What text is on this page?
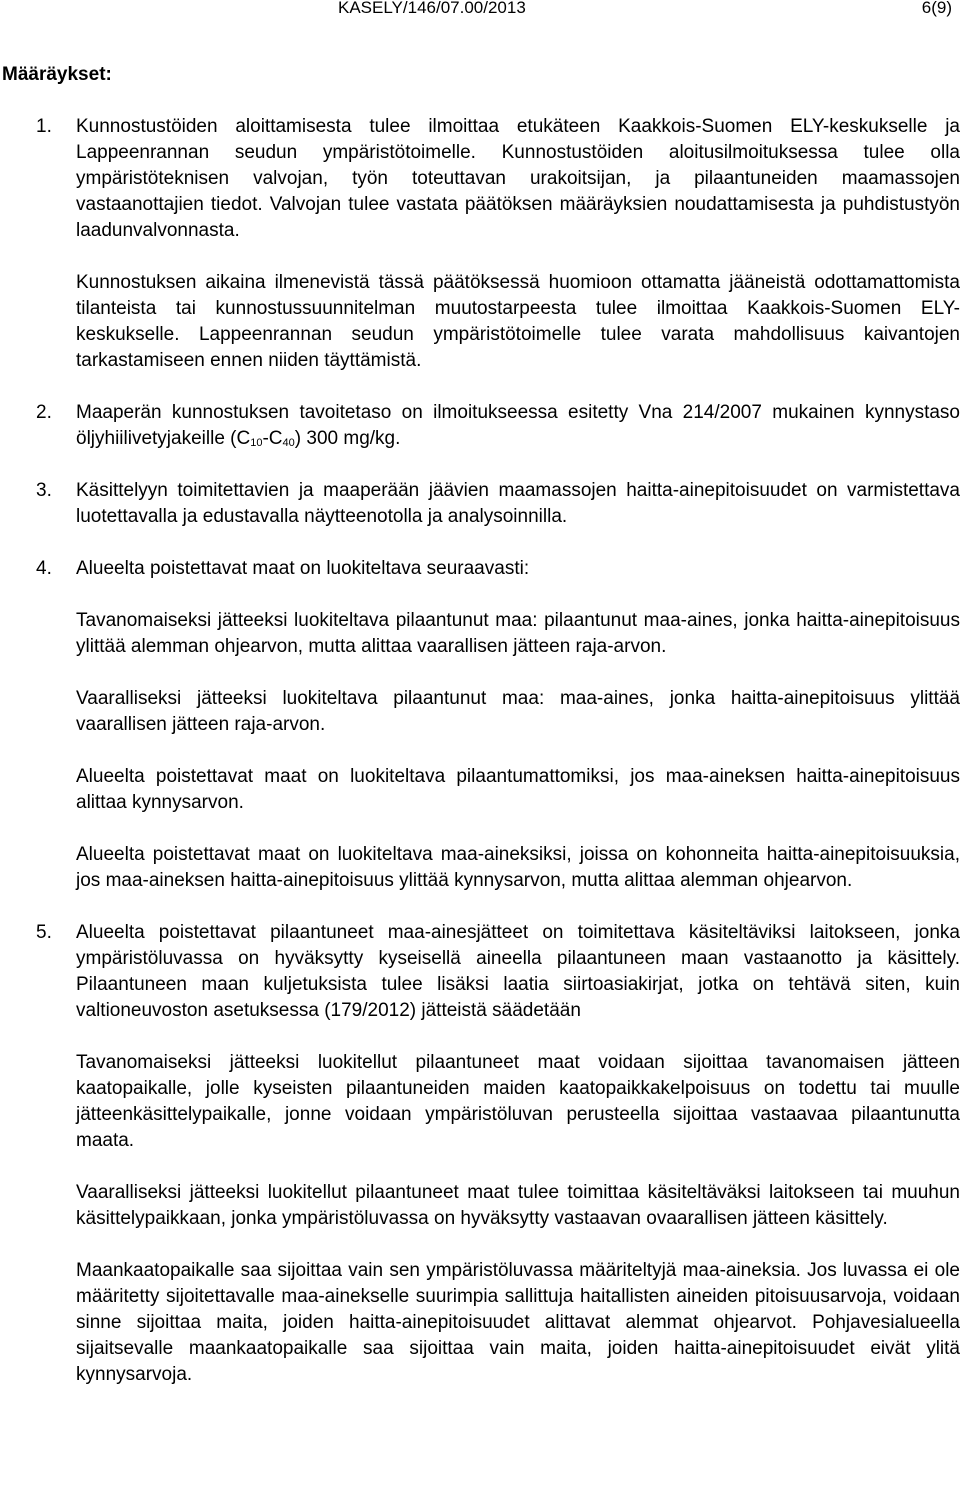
KASELY/146/07.00/2013	6(9)
Määräykset:
1. Kunnostustöiden aloittamisesta tulee ilmoittaa etukäteen Kaakkois-Suomen ELY-keskukselle ja Lappeenrannan seudun ympäristötoimelle. Kunnostustöiden aloitusilmoituksessa tulee olla ympäristöteknisen valvojan, työn toteuttavan urakoitsijan, ja pilaantuneiden maamassojen vastaanottajien tiedot. Valvojan tulee vastata päätöksen määräyksien noudattamisesta ja puhdistustyön laadunvalvonnasta.

Kunnostuksen aikaina ilmenevistä tässä päätöksessä huomioon ottamatta jääneistä odottamattomista tilanteista tai kunnostussuunnitelman muutostarpeesta tulee ilmoittaa Kaakkois-Suomen ELY-keskukselle. Lappeenrannan seudun ympäristötoimelle tulee varata mahdollisuus kaivantojen tarkastamiseen ennen niiden täyttämistä.

2. Maaperän kunnostuksen tavoitetaso on ilmoitukseessa esitetty Vna 214/2007 mukainen kynnystaso öljyhiilivetyjakeille (C10-C40) 300 mg/kg.

3. Käsittelyyn toimitettavien ja maaperään jäävien maamassojen haitta-ainepitoisuudet on varmistettava luotettavalla ja edustavalla näytteenotolla ja analysoinnilla.

4. Alueelta poistettavat maat on luokiteltava seuraavasti:

Tavanomaiseksi jätteeksi luokiteltava pilaantunut maa: pilaantunut maa-aines, jonka haitta-ainepitoisuus ylittää alemman ohjearvon, mutta alittaa vaarallisen jätteen raja-arvon.

Vaaralliseksi jätteeksi luokiteltava pilaantunut maa: maa-aines, jonka haitta-ainepitoisuus ylittää vaarallisen jätteen raja-arvon.

Alueelta poistettavat maat on luokiteltava pilaantumattomiksi, jos maa-aineksen haitta-ainepitoisuus alittaa kynnysarvon.

Alueelta poistettavat maat on luokiteltava maa-aineksiksi, joissa on kohonneita haitta-ainepitoisuuksia, jos maa-aineksen haitta-ainepitoisuus ylittää kynnysarvon, mutta alittaa alemman ohjearvon.

5. Alueelta poistettavat pilaantuneet maa-ainesjätteet on toimitettava käsiteltäviksi laitokseen, jonka ympäristöluvassa on hyväksytty kyseisellä aineella pilaantuneen maan vastaanotto ja käsittely. Pilaantuneen maan kuljetuksista tulee lisäksi laatia siirtoasiakirjat, jotka on tehtävä siten, kuin valtioneuvoston asetuksessa (179/2012) jätteistä säädetään

Tavanomaiseksi jätteeksi luokitellut pilaantuneet maat voidaan sijoittaa tavanomaisen jätteen kaatopaikalle, jolle kyseisten pilaantuneiden maiden kaatopaikkakelpoisuus on todettu tai muulle jätteenkäsittelypaikalle, jonne voidaan ympäristöluvan perusteella sijoittaa vastaavaa pilaantunutta maata.

Vaaralliseksi jätteeksi luokitellut pilaantuneet maat tulee toimittaa käsiteltäväksi laitokseen tai muuhun käsittelypaikkaan, jonka ympäristöluvassa on hyväksytty vastaavan ovaarallisen jätteen käsittely.

Maankaatopaikalle saa sijoittaa vain sen ympäristöluvassa määriteltyjä maa-aineksia. Jos luvassa ei ole määritetty sijoitettavalle maa-ainekselle suurimpia sallittuja haitallisten aineiden pitoisuusarvoja, voidaan sinne sijoittaa maita, joiden haitta-ainepitoisuudet alittavat alemmat ohjearvot. Pohjavesialueella sijaitsevalle maankaatopaikalle saa sijoittaa vain maita, joiden haitta-ainepitoisuudet eivät ylitä kynnysarvoja.
